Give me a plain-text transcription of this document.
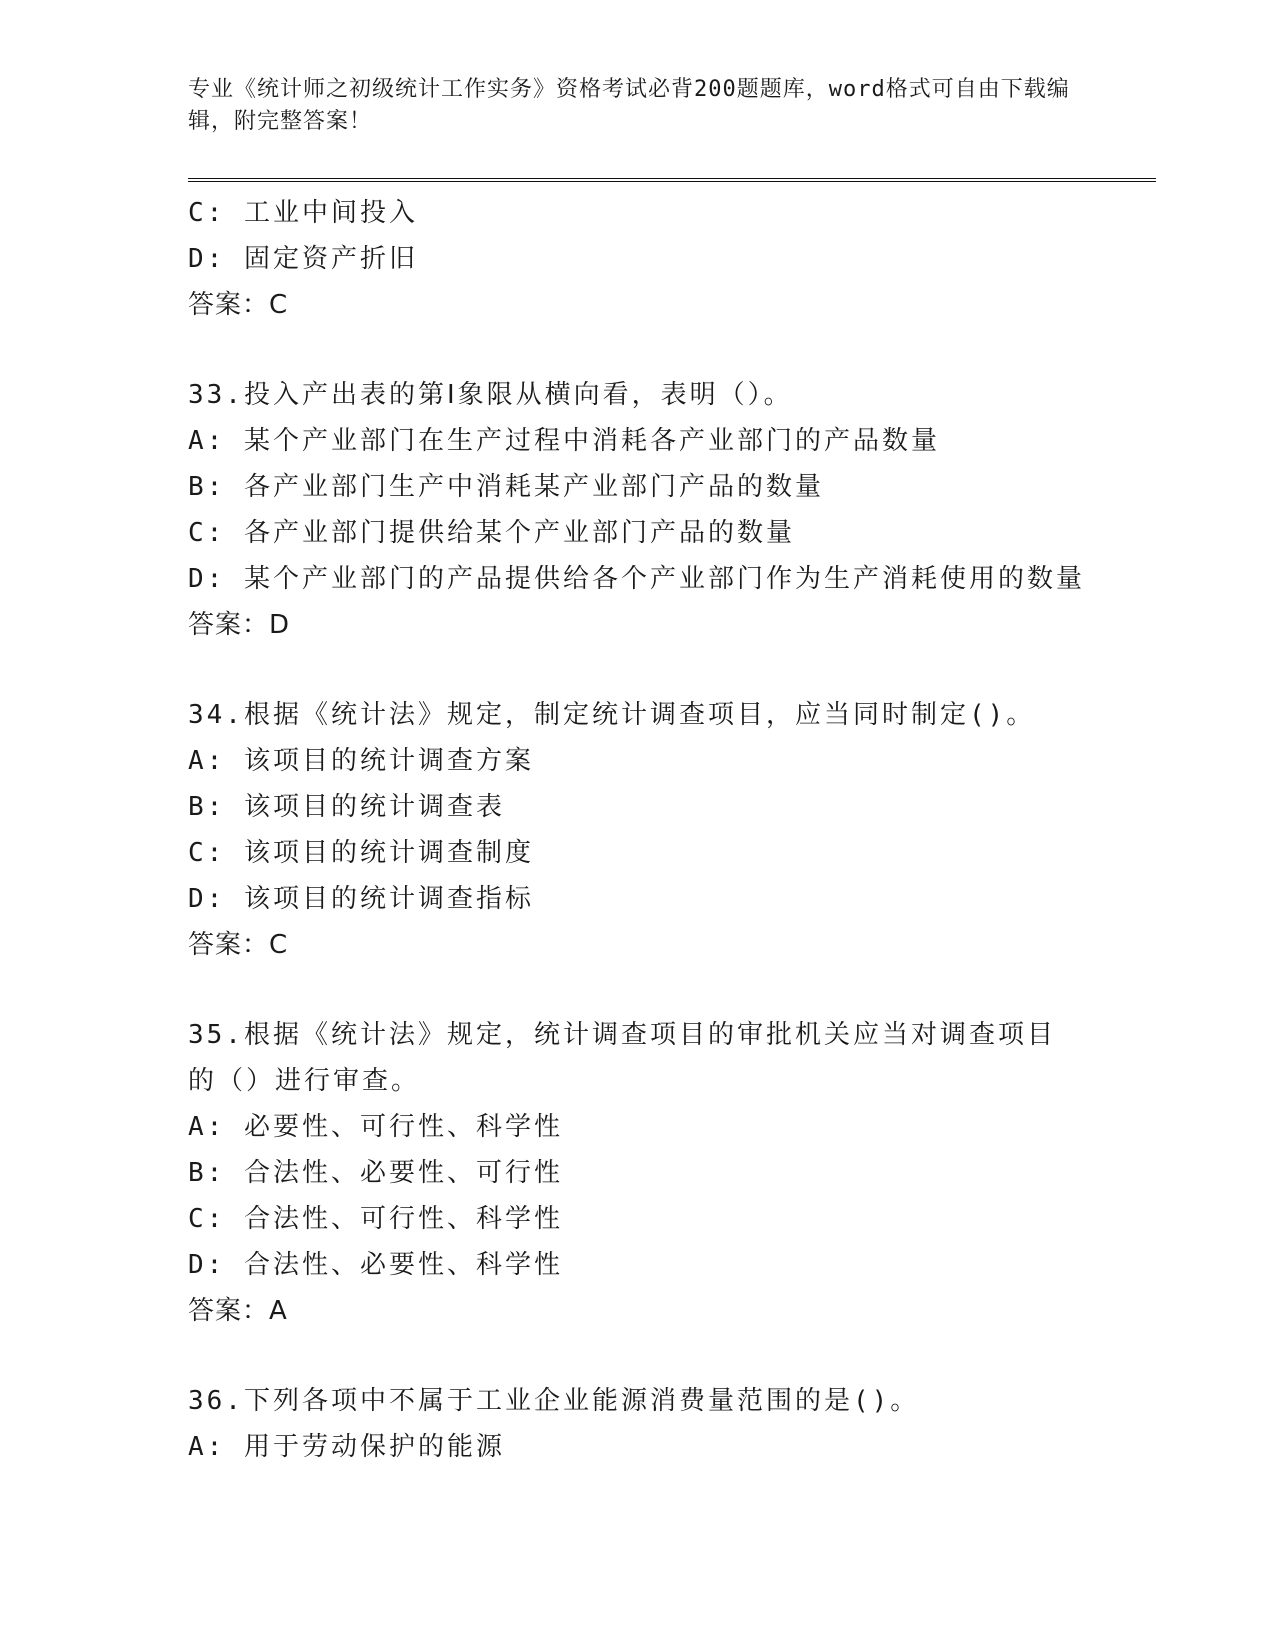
专业《统计师之初级统计工作实务》资格考试必背200题题库，word格式可自由下载编辑，附完整答案！
C: 工业中间投入
D: 固定资产折旧
答案：C
33.投入产出表的第Ⅰ象限从横向看，表明（）。
A: 某个产业部门在生产过程中消耗各产业部门的产品数量
B: 各产业部门生产中消耗某产业部门产品的数量
C: 各产业部门提供给某个产业部门产品的数量
D: 某个产业部门的产品提供给各个产业部门作为生产消耗使用的数量
答案：D
34.根据《统计法》规定，制定统计调查项目，应当同时制定()。
A: 该项目的统计调查方案
B: 该项目的统计调查表
C: 该项目的统计调查制度
D: 该项目的统计调查指标
答案：C
35.根据《统计法》规定，统计调查项目的审批机关应当对调查项目的（）进行审查。
A: 必要性、可行性、科学性
B: 合法性、必要性、可行性
C: 合法性、可行性、科学性
D: 合法性、必要性、科学性
答案：A
36.下列各项中不属于工业企业能源消费量范围的是()。
A: 用于劳动保护的能源
